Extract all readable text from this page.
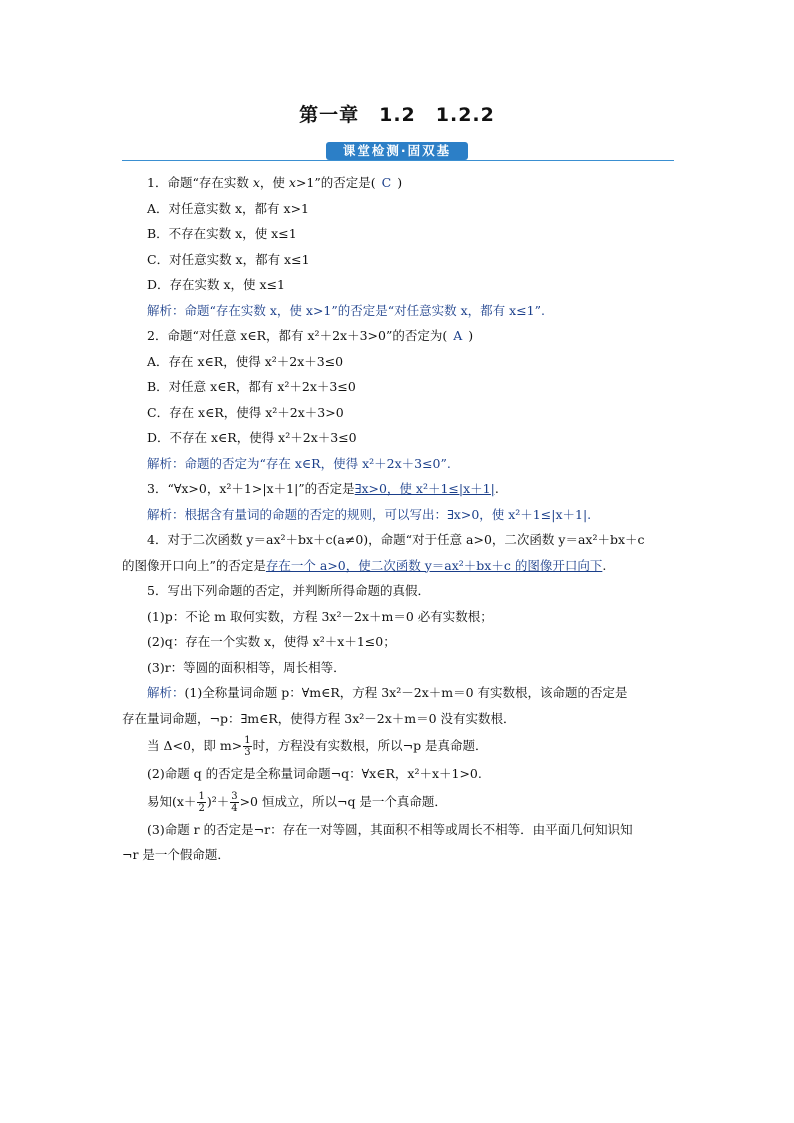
第一章　1.2　1.2.2
课堂检测·固双基
1．命题“存在实数 x，使 x>1”的否定是( C )
A．对任意实数 x，都有 x>1
B．不存在实数 x，使 x≤1
C．对任意实数 x，都有 x≤1
D．存在实数 x，使 x≤1
解析：命题“存在实数 x，使 x>1”的否定是“对任意实数 x，都有 x≤1”.
2．命题“对任意 x∈R，都有 x²＋2x＋3>0”的否定为( A )
A．存在 x∈R，使得 x²＋2x＋3≤0
B．对任意 x∈R，都有 x²＋2x＋3≤0
C．存在 x∈R，使得 x²＋2x＋3>0
D．不存在 x∈R，使得 x²＋2x＋3≤0
解析：命题的否定为“存在 x∈R，使得 x²＋2x＋3≤0”.
3．“∀x>0，x²＋1>|x＋1|”的否定是∃x>0，使 x²＋1≤|x＋1|.
解析：根据含有量词的命题的否定的规则，可以写出：∃x>0，使 x²＋1≤|x＋1|.
4．对于二次函数 y＝ax²＋bx＋c(a≠0)，命题“对于任意 a>0，二次函数 y＝ax²＋bx＋c
的图像开口向上”的否定是存在一个 a>0，使二次函数 y＝ax²＋bx＋c 的图像开口向下.
5．写出下列命题的否定，并判断所得命题的真假．
(1)p：不论 m 取何实数，方程 3x²－2x＋m＝0 必有实数根；
(2)q：存在一个实数 x，使得 x²＋x＋1≤0；
(3)r：等圆的面积相等，周长相等．
解析：(1)全称量词命题 p：∀m∈R，方程 3x²－2x＋m＝0 有实数根，该命题的否定是
存在量词命题，¬p：∃m∈R，使得方程 3x²－2x＋m＝0 没有实数根．
当 Δ<0，即 $m> \frac{1}{3}$ 时，方程没有实数根，所以¬p 是真命题．
(2)命题 q 的否定是全称量词命题¬q：∀x∈R，x²＋x＋1>0.
易知$(x+ \frac{1}{2} )^2+ \frac{3}{4} >0$ 恒成立，所以¬q 是一个真命题．
(3)命题 r 的否定是¬r：存在一对等圆，其面积不相等或周长不相等．由平面几何知识知
¬r 是一个假命题．
